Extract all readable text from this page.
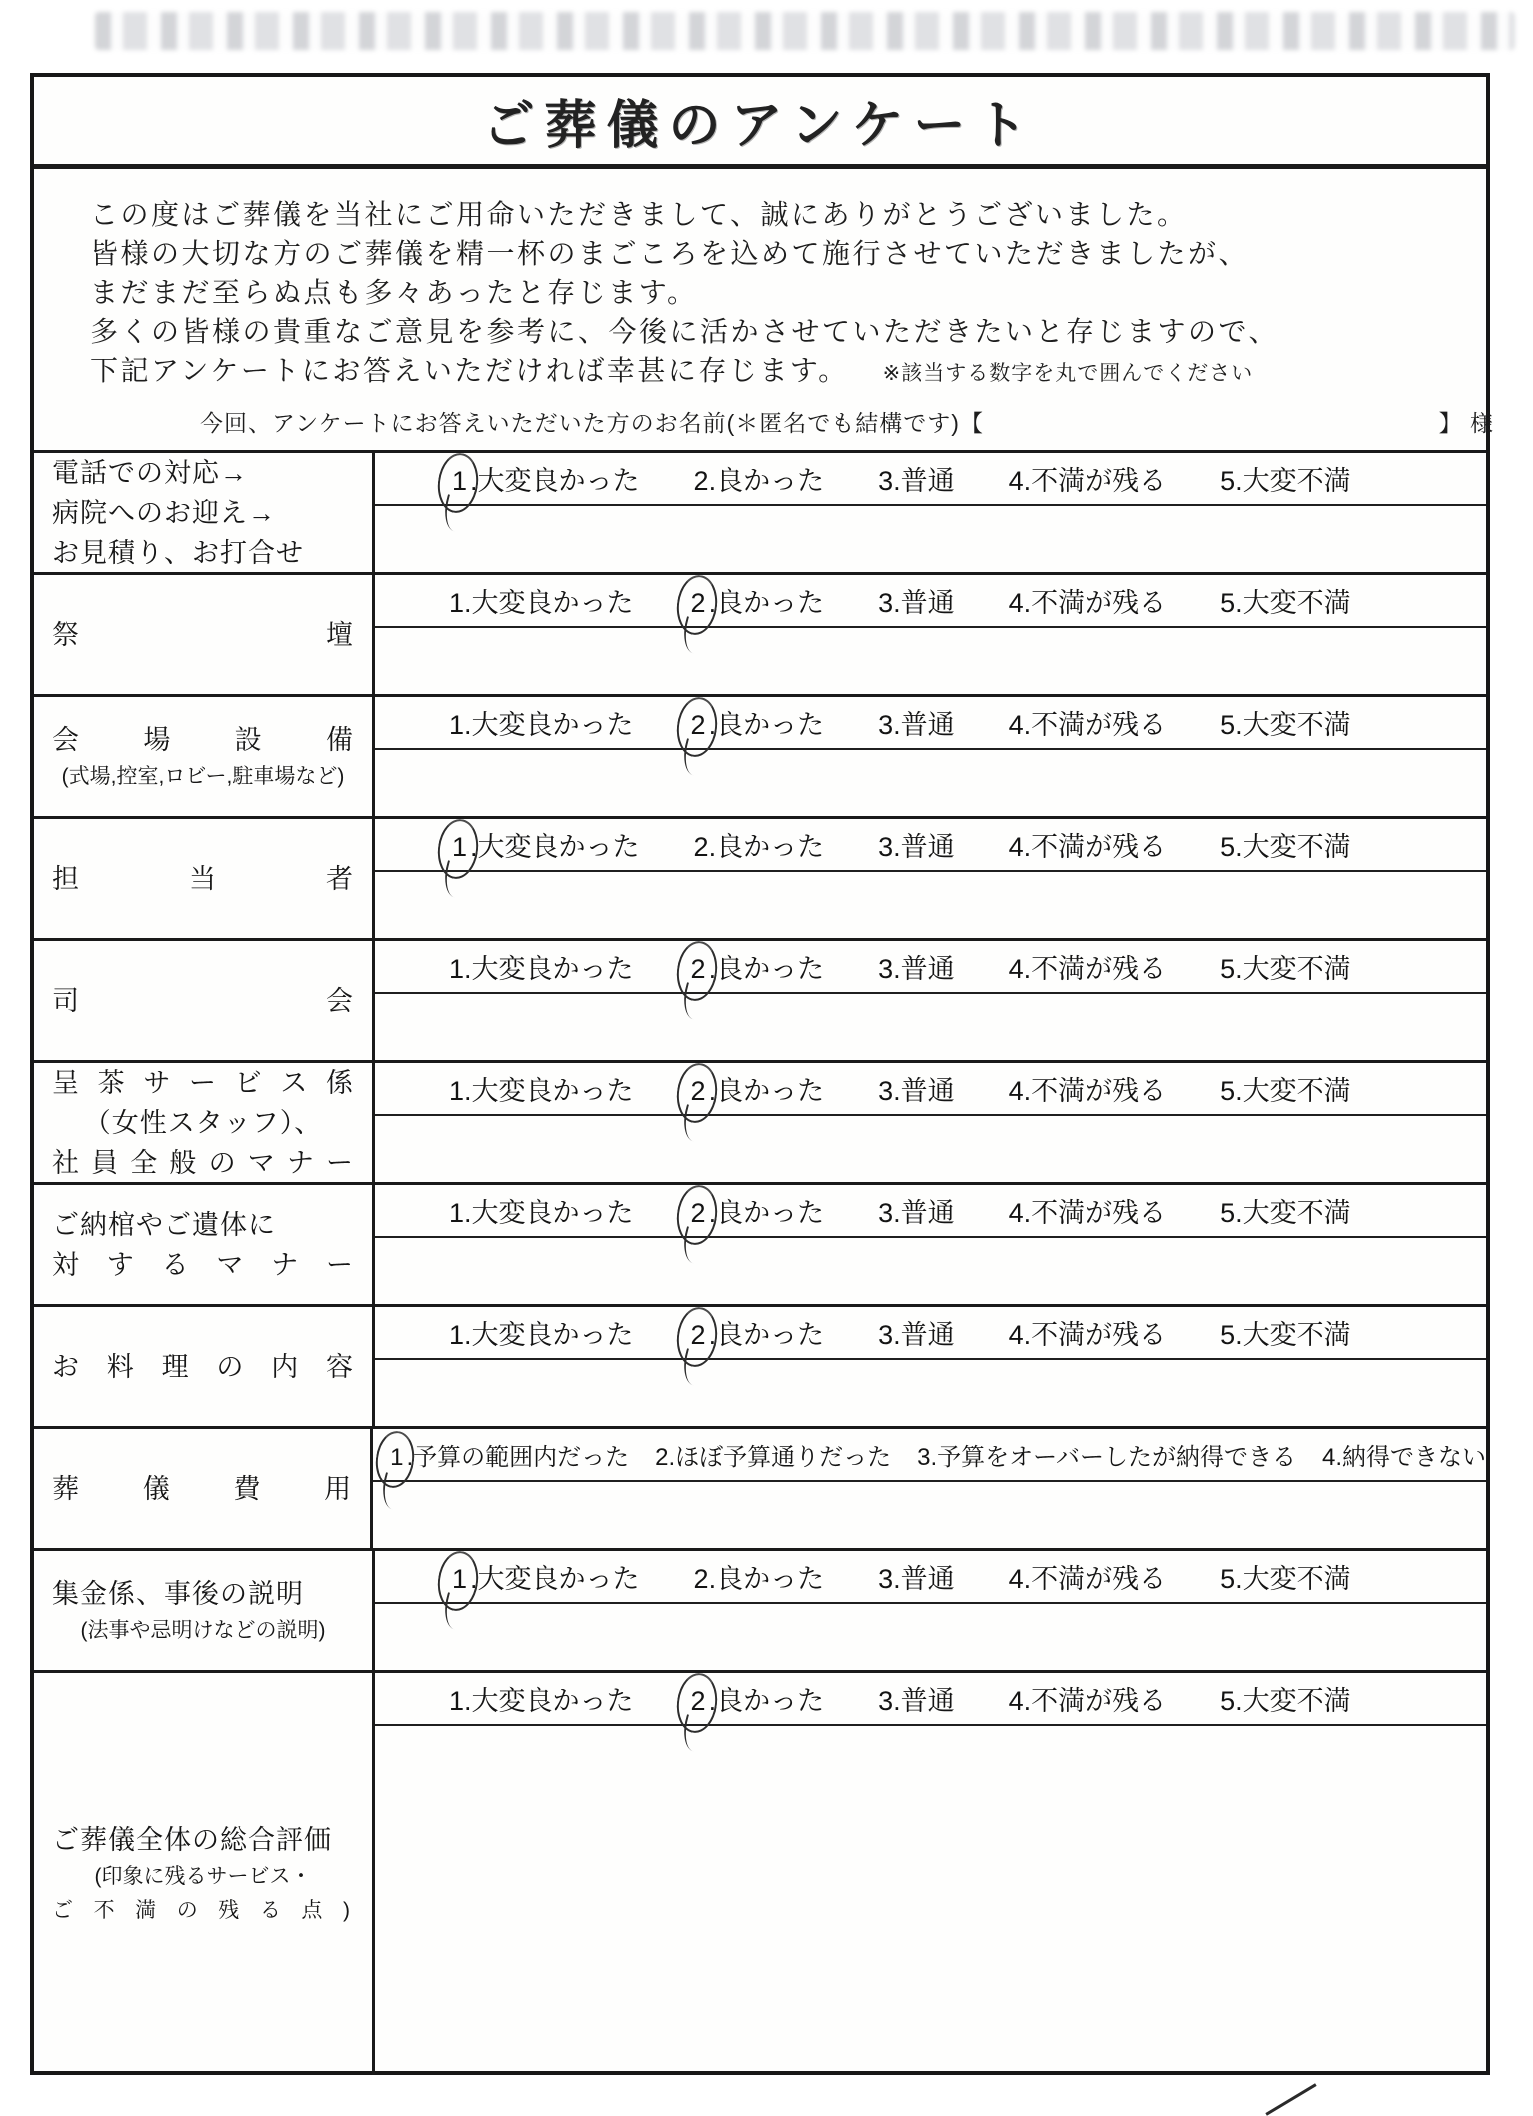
ご葬儀のアンケート

この度はご葬儀を当社にご用命いただきまして、誠にありがとうございました。

皆様の大切な方のご葬儀を精一杯のまごころを込めて施行させていただきましたが、

まだまだ至らぬ点も多々あったと存じます。

多くの皆様の貴重なご意見を参考に、今後に活かさせていただきたいと存じますので、

下記アンケートにお答えいただければ幸甚に存じます。 ※該当する数字を丸で囲んでください

今回、アンケートにお答えいただいた方のお名前(＊匿名でも結構です)【	】 様

電話での対応→
病院へのお迎え→
お見積り、お打合せ
1 .大変良かった 2.良かった 3.普通 4.不満が残る 5.大変不満
祭壇
1.大変良かった 2 .良かった 3.普通 4.不満が残る 5.大変不満
会場設備
(式場,控室,ロビー,駐車場など)
1.大変良かった 2 .良かった 3.普通 4.不満が残る 5.大変不満
担当者
1 .大変良かった 2.良かった 3.普通 4.不満が残る 5.大変不満
司会
1.大変良かった 2 .良かった 3.普通 4.不満が残る 5.大変不満
呈茶サービス係
（女性スタッフ）、
社員全般のマナー
1.大変良かった 2 .良かった 3.普通 4.不満が残る 5.大変不満
ご納棺やご遺体に
対するマナー
1.大変良かった 2 .良かった 3.普通 4.不満が残る 5.大変不満
お料理の内容
1.大変良かった 2 .良かった 3.普通 4.不満が残る 5.大変不満
葬儀費用
1 .予算の範囲内だった 2.ほぼ予算通りだった 3.予算をオーバーしたが納得できる 4.納得できない
集金係、事後の説明
(法事や忌明けなどの説明)
1 .大変良かった 2.良かった 3.普通 4.不満が残る 5.大変不満
ご葬儀全体の総合評価
(印象に残るサービス・
ご不満の残る点)
1.大変良かった 2 .良かった 3.普通 4.不満が残る 5.大変不満
